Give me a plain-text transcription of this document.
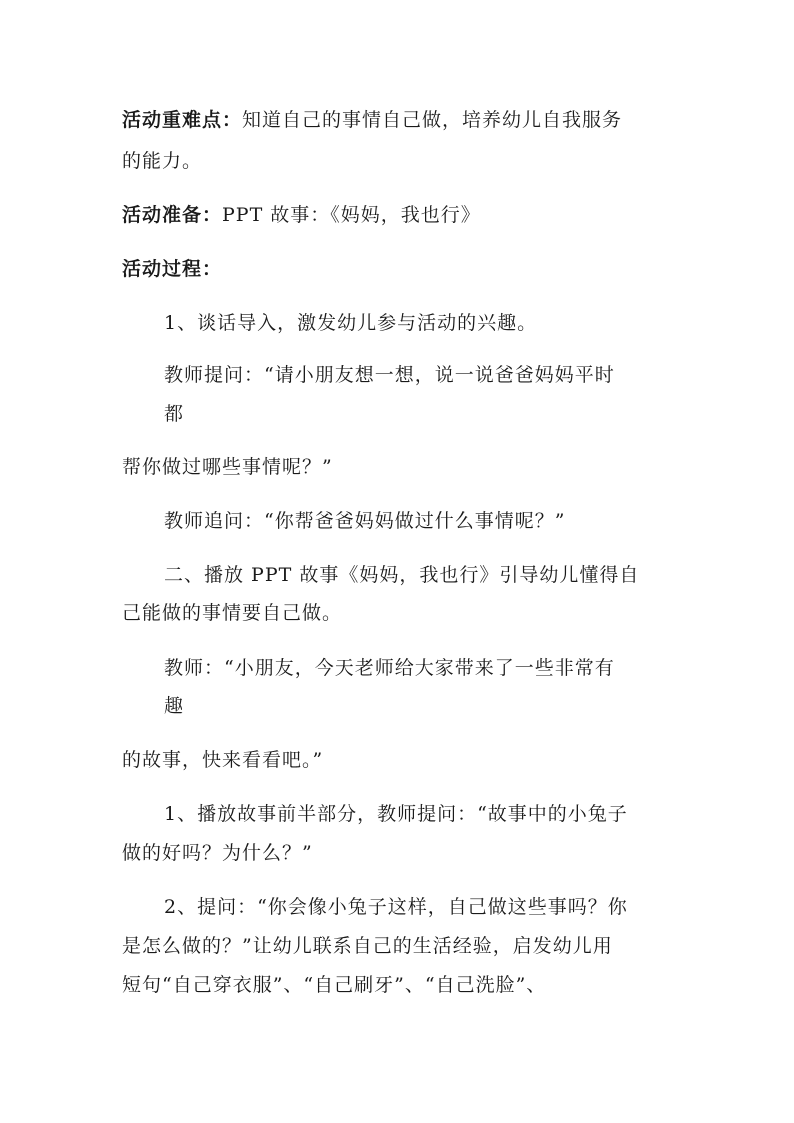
活动重难点：知道自己的事情自己做，培养幼儿自我服务
的能力。
活动准备：PPT 故事：《妈妈，我也行》
活动过程：
1、谈话导入，激发幼儿参与活动的兴趣。
教师提问：“请小朋友想一想，说一说爸爸妈妈平时
都
帮你做过哪些事情呢？”
教师追问：“你帮爸爸妈妈做过什么事情呢？”
二、播放 PPT 故事《妈妈，我也行》引导幼儿懂得自
己能做的事情要自己做。
教师：“小朋友，今天老师给大家带来了一些非常有
趣
的故事，快来看看吧。”
1、播放故事前半部分，教师提问：“故事中的小兔子
做的好吗？为什么？”
2、提问：“你会像小兔子这样，自己做这些事吗？你
是怎么做的？”让幼儿联系自己的生活经验，启发幼儿用
短句“自己穿衣服”、“自己刷牙”、“自己洗脸”、
